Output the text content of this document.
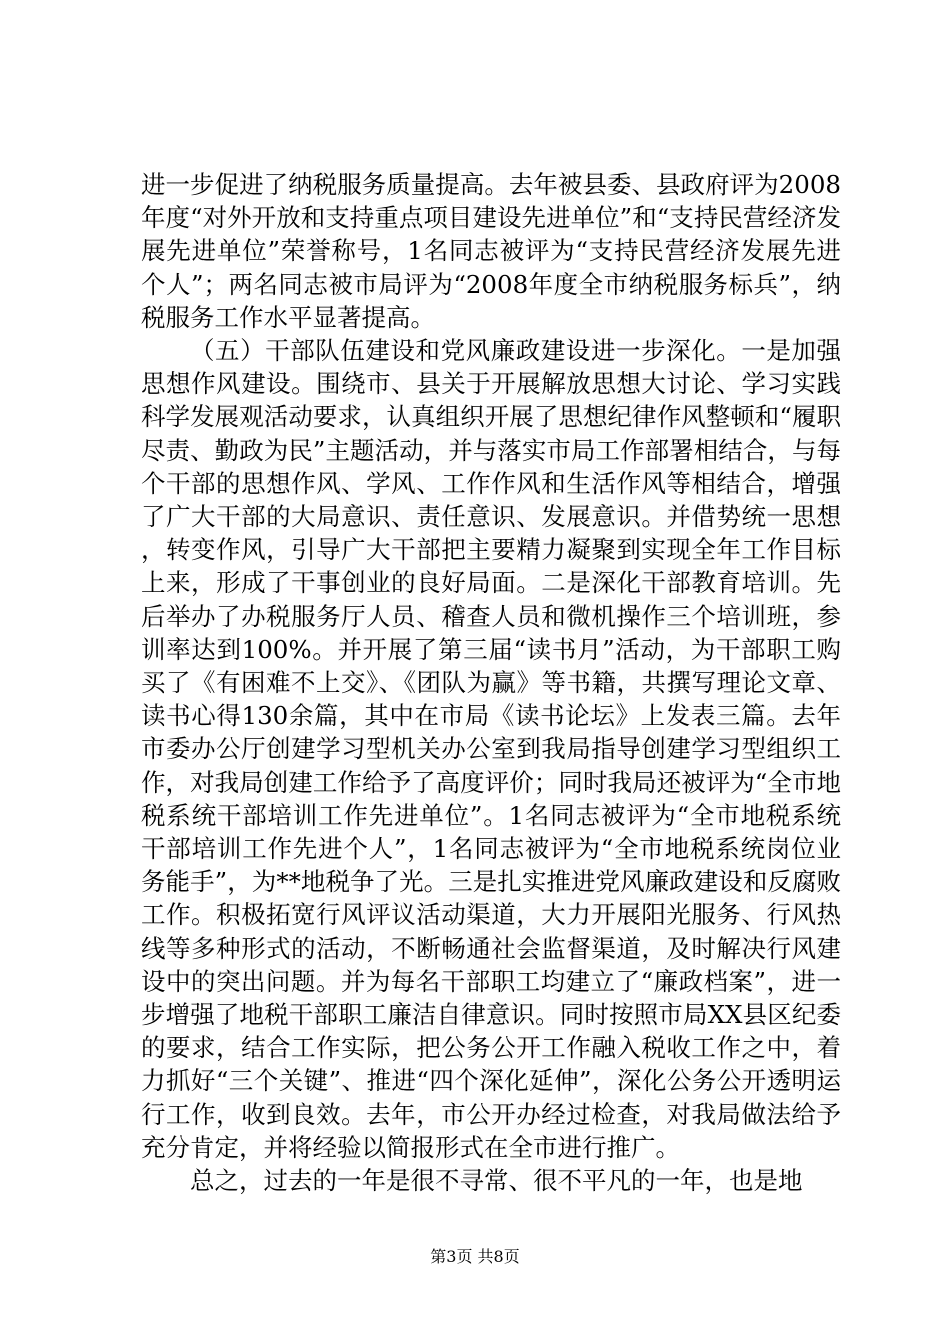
进一步促进了纳税服务质量提高。去年被县委、县政府评为2008年度“对外开放和支持重点项目建设先进单位”和“支持民营经济发展先进单位”荣誉称号，1名同志被评为“支持民营经济发展先进个人”；两名同志被市局评为“2008年度全市纳税服务标兵”，纳税服务工作水平显著提高。

（五）干部队伍建设和党风廉政建设进一步深化。一是加强思想作风建设。围绕市、县关于开展解放思想大讨论、学习实践科学发展观活动要求，认真组织开展了思想纪律作风整顿和“履职尽责、勤政为民”主题活动，并与落实市局工作部署相结合，与每个干部的思想作风、学风、工作作风和生活作风等相结合，增强了广大干部的大局意识、责任意识、发展意识。并借势统一思想，转变作风，引导广大干部把主要精力凝聚到实现全年工作目标上来，形成了干事创业的良好局面。二是深化干部教育培训。先后举办了办税服务厅人员、稽查人员和微机操作三个培训班，参训率达到100%。并开展了第三届“读书月”活动，为干部职工购买了《有困难不上交》、《团队为赢》等书籍，共撰写理论文章、读书心得130余篇，其中在市局《读书论坛》上发表三篇。去年市委办公厅创建学习型机关办公室到我局指导创建学习型组织工作，对我局创建工作给予了高度评价；同时我局还被评为“全市地税系统干部培训工作先进单位”。1名同志被评为“全市地税系统干部培训工作先进个人”，1名同志被评为“全市地税系统岗位业务能手”，为**地税争了光。三是扎实推进党风廉政建设和反腐败工作。积极拓宽行风评议活动渠道，大力开展阳光服务、行风热线等多种形式的活动，不断畅通社会监督渠道，及时解决行风建设中的突出问题。并为每名干部职工均建立了“廉政档案”，进一步增强了地税干部职工廉洁自律意识。同时按照市局XX县区纪委的要求，结合工作实际，把公务公开工作融入税收工作之中，着力抓好“三个关键”、推进“四个深化延伸”，深化公务公开透明运行工作，收到良效。去年，市公开办经过检查，对我局做法给予充分肯定，并将经验以简报形式在全市进行推广。

总之，过去的一年是很不寻常、很不平凡的一年，也是地

第3页 共8页
